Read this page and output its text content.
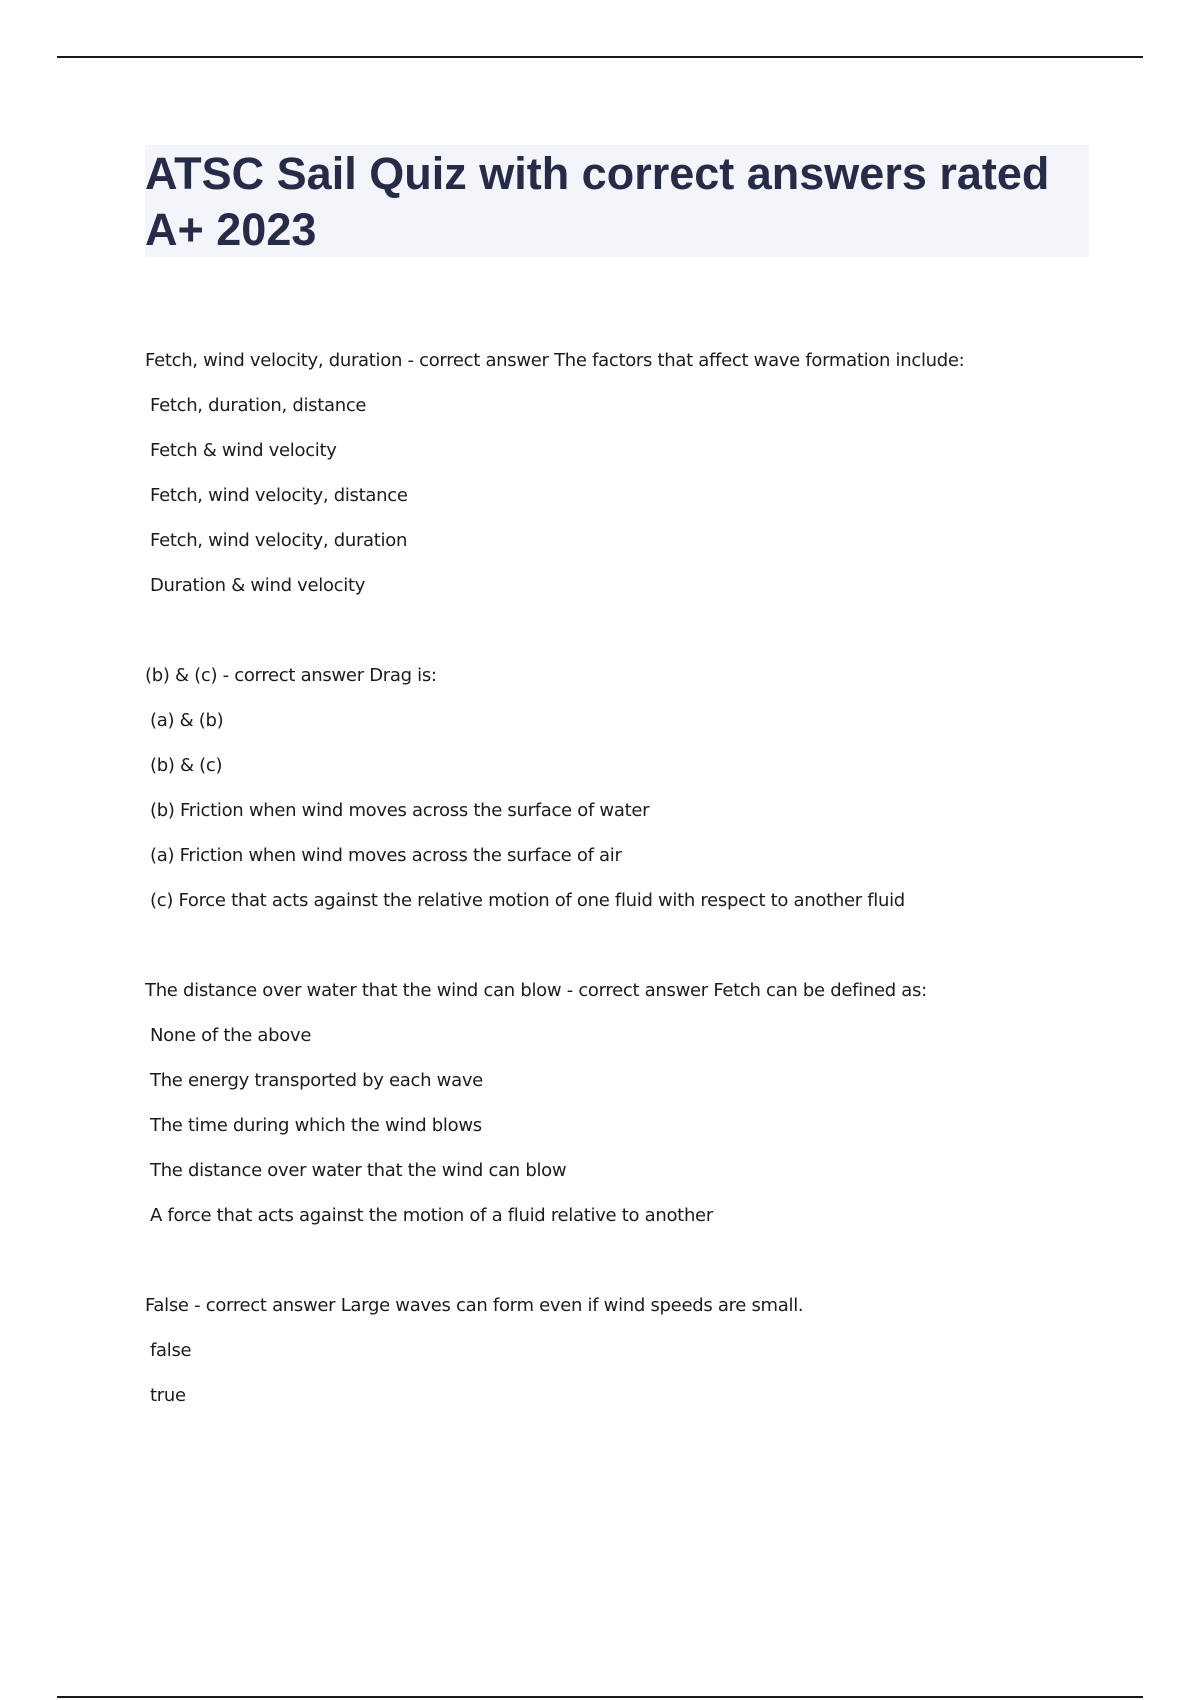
ATSC Sail Quiz with correct answers rated A+ 2023
Fetch, wind velocity, duration - correct answer The factors that affect wave formation include:
Fetch, duration, distance
Fetch & wind velocity
Fetch, wind velocity, distance
Fetch, wind velocity, duration
Duration & wind velocity
(b) & (c) - correct answer Drag is:
(a) & (b)
(b) & (c)
(b) Friction when wind moves across the surface of water
(a) Friction when wind moves across the surface of air
(c) Force that acts against the relative motion of one fluid with respect to another fluid
The distance over water that the wind can blow - correct answer Fetch can be defined as:
None of the above
The energy transported by each wave
The time during which the wind blows
The distance over water that the wind can blow
A force that acts against the motion of a fluid relative to another
False - correct answer Large waves can form even if wind speeds are small.
false
true
